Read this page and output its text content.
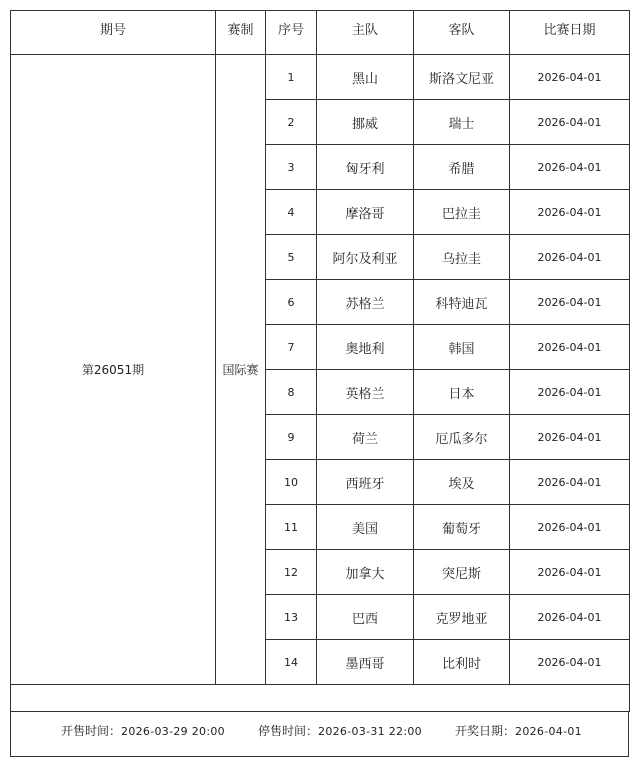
期号	赛制	序号	主队	客队	比赛日期
第26051期	国际赛	1	黑山	斯洛文尼亚	2026-04-01
		2	挪威	瑞士	2026-04-01
		3	匈牙利	希腊	2026-04-01
		4	摩洛哥	巴拉圭	2026-04-01
		5	阿尔及利亚	乌拉圭	2026-04-01
		6	苏格兰	科特迪瓦	2026-04-01
		7	奥地利	韩国	2026-04-01
		8	英格兰	日本	2026-04-01
		9	荷兰	厄瓜多尔	2026-04-01
		10	西班牙	埃及	2026-04-01
		11	美国	葡萄牙	2026-04-01
		12	加拿大	突尼斯	2026-04-01
		13	巴西	克罗地亚	2026-04-01
		14	墨西哥	比利时	2026-04-01

开售时间：2026-03-29 20:00	停售时间：2026-03-31 22:00	开奖日期：2026-04-01
